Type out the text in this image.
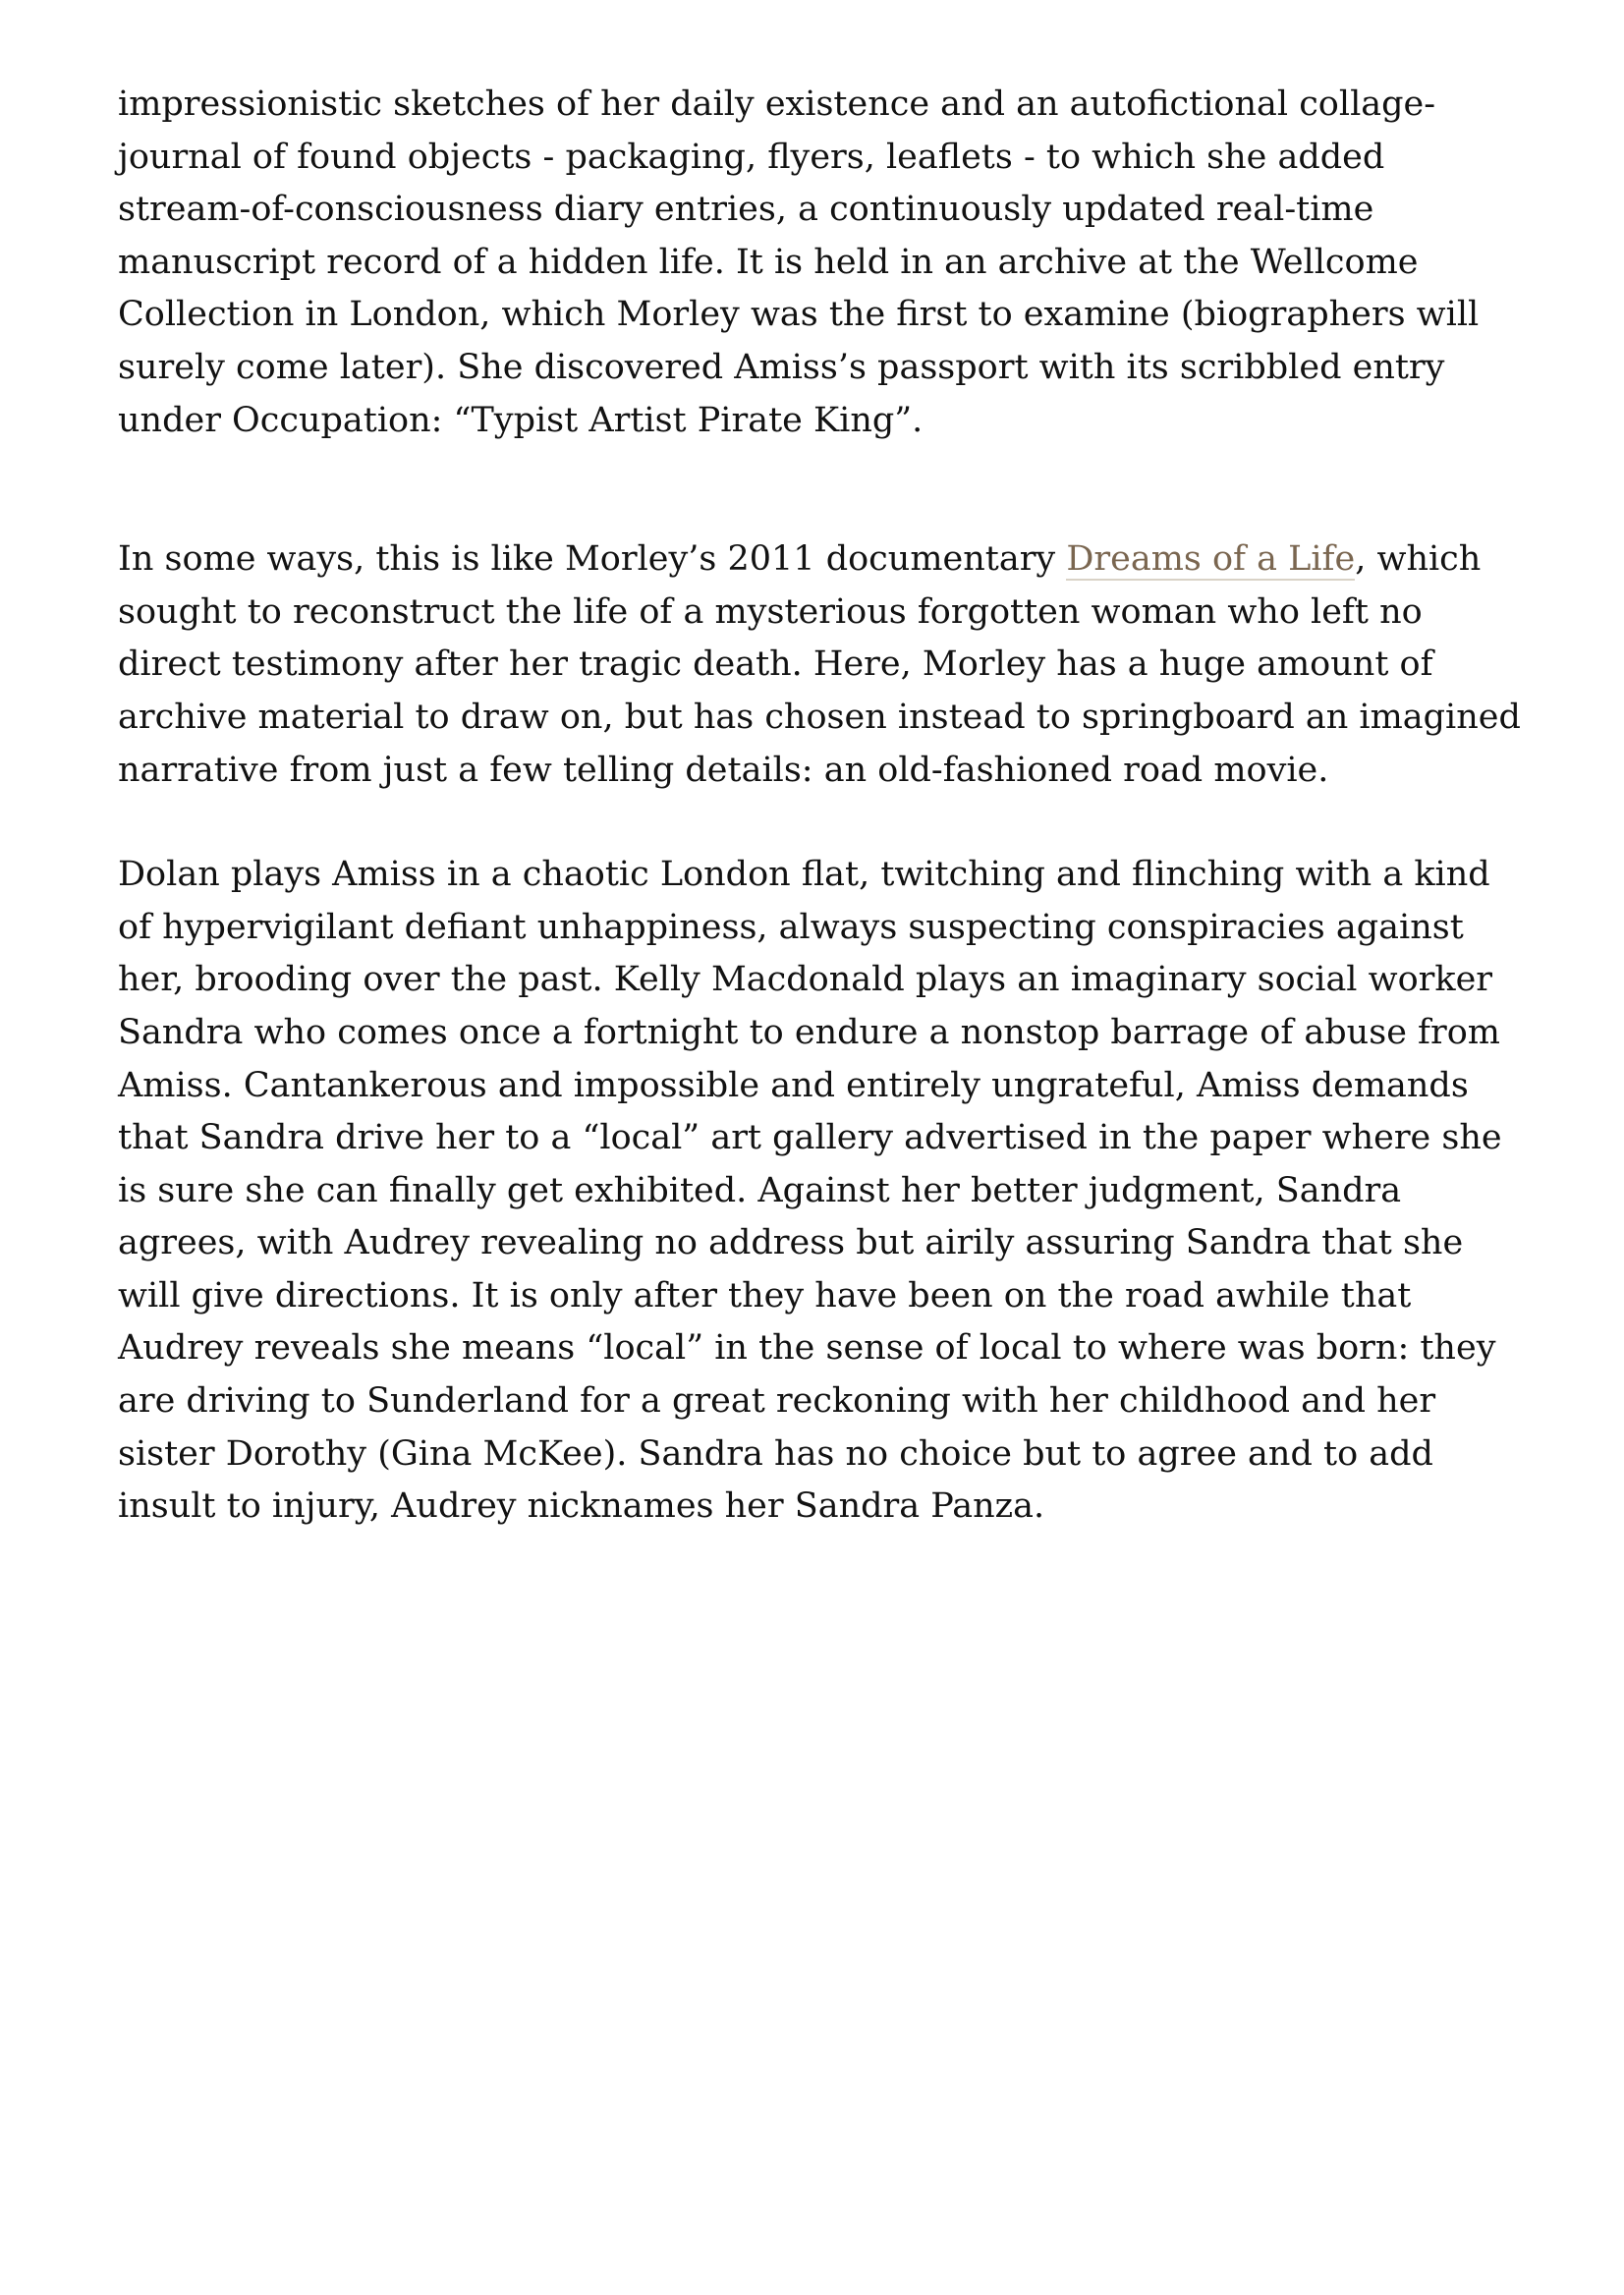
impressionistic sketches of her daily existence and an autofictional collage-journal of found objects - packaging, flyers, leaflets - to which she added stream-of-consciousness diary entries, a continuously updated real-time manuscript record of a hidden life. It is held in an archive at the Wellcome Collection in London, which Morley was the first to examine (biographers will surely come later). She discovered Amiss’s passport with its scribbled entry under Occupation: “Typist Artist Pirate King”.

In some ways, this is like Morley’s 2011 documentary Dreams of a Life, which sought to reconstruct the life of a mysterious forgotten woman who left no direct testimony after her tragic death. Here, Morley has a huge amount of archive material to draw on, but has chosen instead to springboard an imagined narrative from just a few telling details: an old-fashioned road movie.

Dolan plays Amiss in a chaotic London flat, twitching and flinching with a kind of hypervigilant defiant unhappiness, always suspecting conspiracies against her, brooding over the past. Kelly Macdonald plays an imaginary social worker Sandra who comes once a fortnight to endure a nonstop barrage of abuse from Amiss. Cantankerous and impossible and entirely ungrateful, Amiss demands that Sandra drive her to a “local” art gallery advertised in the paper where she is sure she can finally get exhibited. Against her better judgment, Sandra agrees, with Audrey revealing no address but airily assuring Sandra that she will give directions. It is only after they have been on the road awhile that Audrey reveals she means “local” in the sense of local to where was born: they are driving to Sunderland for a great reckoning with her childhood and her sister Dorothy (Gina McKee). Sandra has no choice but to agree and to add insult to injury, Audrey nicknames her Sandra Panza.
